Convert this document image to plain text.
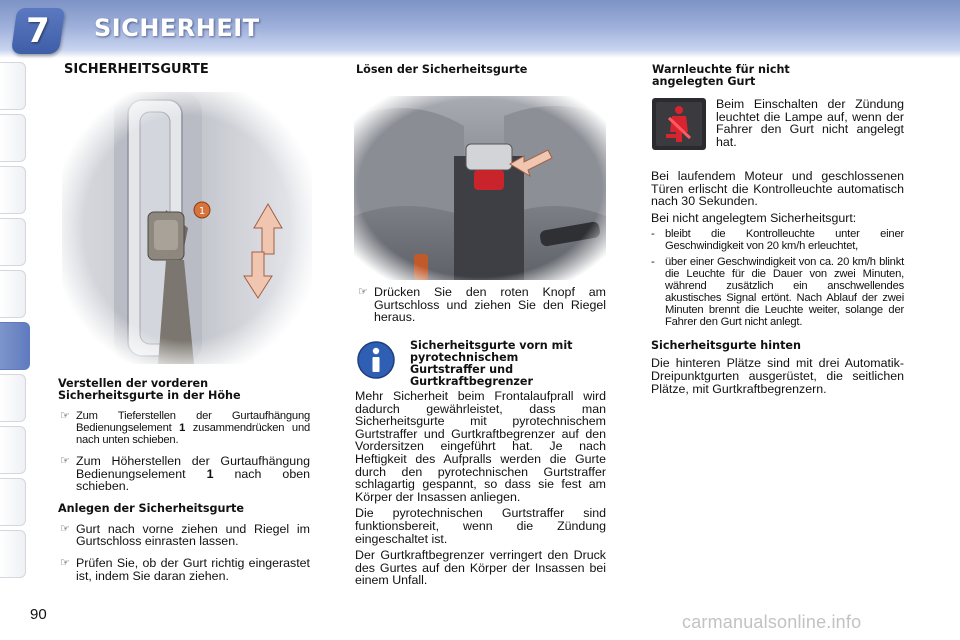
7	SICHERHEIT
SICHERHEITSGURTE
Verstellen der vorderen Sicherheitsgurte in der Höhe
☞ Zum Tieferstellen der Gurtaufhängung Bedienungselement 1 zusammendrücken und nach unten schieben.
☞ Zum Höherstellen der Gurtaufhängung Bedienungselement 1 nach oben schieben.
Anlegen der Sicherheitsgurte
☞ Gurt nach vorne ziehen und Riegel im Gurtschloss einrasten lassen.
☞ Prüfen Sie, ob der Gurt richtig eingerastet ist, indem Sie daran ziehen.
Lösen der Sicherheitsgurte
☞ Drücken Sie den roten Knopf am Gurtschloss und ziehen Sie den Riegel heraus.
Sicherheitsgurte vorn mit pyrotechnischem Gurtstraffer und Gurtkraftbegrenzer
Mehr Sicherheit beim Frontalaufprall wird dadurch gewährleistet, dass man Sicherheitsgurte mit pyrotechnischem Gurtstraffer und Gurtkraftbegrenzer auf den Vordersitzen eingeführt hat. Je nach Heftigkeit des Aufpralls werden die Gurte durch den pyrotechnischen Gurtstraffer schlagartig gespannt, so dass sie fest am Körper der Insassen anliegen.
Die pyrotechnischen Gurtstraffer sind funktionsbereit, wenn die Zündung eingeschaltet ist.
Der Gurtkraftbegrenzer verringert den Druck des Gurtes auf den Körper der Insassen bei einem Unfall.
Warnleuchte für nicht angelegten Gurt
Beim Einschalten der Zündung leuchtet die Lampe auf, wenn der Fahrer den Gurt nicht angelegt hat.
Bei laufendem Moteur und geschlossenen Türen erlischt die Kontrolleuchte automatisch nach 30 Sekunden.
Bei nicht angelegtem Sicherheitsgurt:
- bleibt die Kontrolleuchte unter einer Geschwindigkeit von 20 km/h erleuchtet,
- über einer Geschwindigkeit von ca. 20 km/h blinkt die Leuchte für die Dauer von zwei Minuten, während zusätzlich ein anschwellendes akustisches Signal ertönt. Nach Ablauf der zwei Minuten brennt die Leuchte weiter, solange der Fahrer den Gurt nicht anlegt.
Sicherheitsgurte hinten
Die hinteren Plätze sind mit drei Automatik-Dreipunktgurten ausgerüstet, die seitlichen Plätze, mit Gurtkraftbegrenzern.
90	carmanualsonline.info
